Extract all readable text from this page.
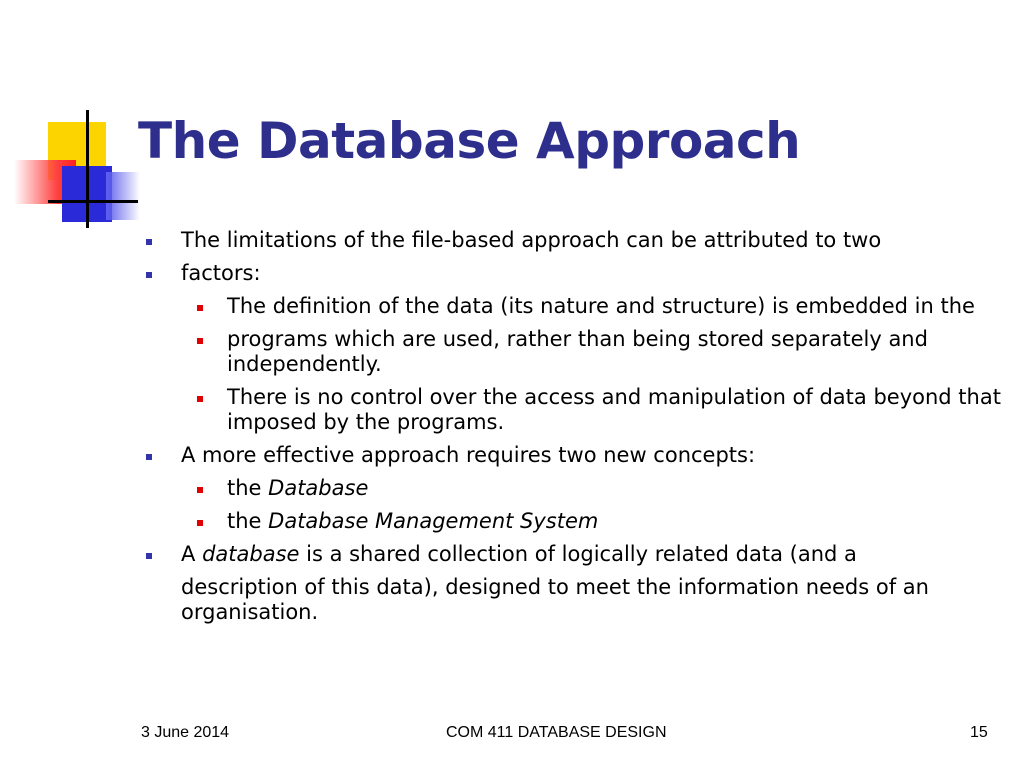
The Database Approach
The limitations of the file-based approach can be attributed to two
factors:
The definition of the data (its nature and structure) is embedded in the
programs which are used, rather than being stored separately and independently.
There is no control over the access and manipulation of data beyond that imposed by the programs.
A more effective approach requires two new concepts:
the Database
the Database Management System
A database is a shared collection of logically related data (and a
description of this data), designed to meet the information needs of an organisation.
3 June 2014	COM 411 DATABASE DESIGN	15
